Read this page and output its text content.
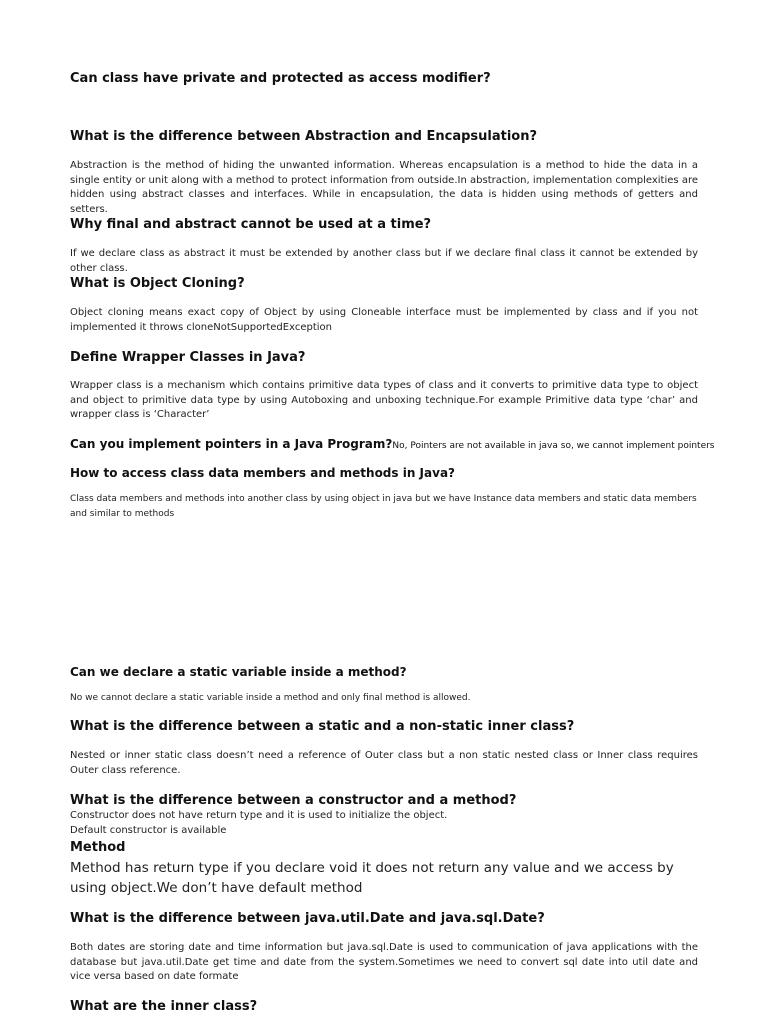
Can class have private and protected as access modifier?
What is the difference between Abstraction and Encapsulation?

Abstraction is the method of hiding the unwanted information. Whereas encapsulation is a method to hide the data in a single entity or unit along with a method to protect information from outside.In abstraction, implementation complexities are hidden using abstract classes and interfaces. While in encapsulation, the data is hidden using methods of getters and setters.

Why final and abstract cannot be used at a time?

If we declare class as abstract it must be extended by another class but if we declare final class it cannot be extended by other class.

What is Object Cloning?

Object cloning means exact copy of Object by using Cloneable interface must be implemented by class and if you not implemented it throws cloneNotSupportedException

Define Wrapper Classes in Java?

Wrapper class is a mechanism which contains primitive data types of class and it converts to primitive data type to object and object to primitive data type by using Autoboxing and unboxing technique.For example Primitive data type ‘char’ and wrapper class is ‘Character’

Can you implement pointers in a Java Program?No, Pointers are not available in java so, we cannot implement pointers
How to access class data members and methods in Java?

Class data members and methods into another class by using object in java but we have Instance data members and static data members and similar to methods

Can we declare a static variable inside a method?

No we cannot declare a static variable inside a method and only final method is allowed.

What is the difference between a static and a non-static inner class?

Nested or inner static class doesn’t need a reference of Outer class but a non static nested class or Inner class requires Outer class reference.

What is the difference between a constructor and a method?

Constructor does not have return type and it is used to initialize the object.
Default constructor is available

Method

Method has return type if you declare void it does not return any value and we access by using object.We don’t have default method

What is the difference between java.util.Date and java.sql.Date?

Both dates are storing date and time information but java.sql.Date is used to communication of java applications with the database but java.util.Date get time and date from the system.Sometimes we need to convert sql date into util date and vice versa based on date formate

What are the inner class?
